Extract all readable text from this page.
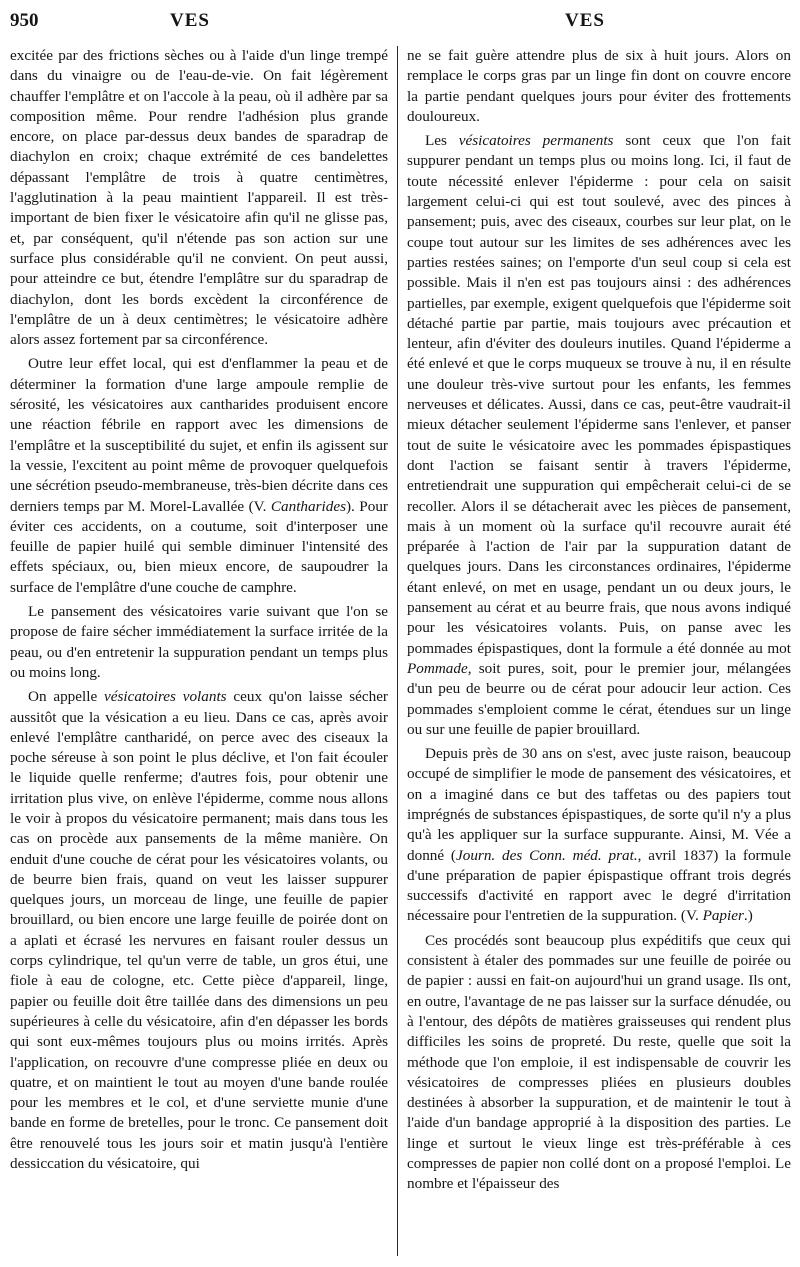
950	VES	VES

excitée par des frictions sèches ou à l'aide d'un linge trempé dans du vinaigre ou de l'eau-de-vie. On fait légèrement chauffer l'emplâtre et on l'accole à la peau, où il adhère par sa composition même. Pour rendre l'adhésion plus grande encore, on place par-dessus deux bandes de sparadrap de diachylon en croix; chaque extrémité de ces bandelettes dépassant l'emplâtre de trois à quatre centimètres, l'agglutination à la peau maintient l'appareil. Il est très-important de bien fixer le vésicatoire afin qu'il ne glisse pas, et, par conséquent, qu'il n'étende pas son action sur une surface plus considérable qu'il ne convient. On peut aussi, pour atteindre ce but, étendre l'emplâtre sur du sparadrap de diachylon, dont les bords excèdent la circonférence de l'emplâtre de un à deux centimètres; le vésicatoire adhère alors assez fortement par sa circonférence.

Outre leur effet local, qui est d'enflammer la peau et de déterminer la formation d'une large ampoule remplie de sérosité, les vésicatoires aux cantharides produisent encore une réaction fébrile en rapport avec les dimensions de l'emplâtre et la susceptibilité du sujet, et enfin ils agissent sur la vessie, l'excitent au point même de provoquer quelquefois une sécrétion pseudo-membraneuse, très-bien décrite dans ces derniers temps par M. Morel-Lavallée (V. Cantharides). Pour éviter ces accidents, on a coutume, soit d'interposer une feuille de papier huilé qui semble diminuer l'intensité des effets spéciaux, ou, bien mieux encore, de saupoudrer la surface de l'emplâtre d'une couche de camphre.

Le pansement des vésicatoires varie suivant que l'on se propose de faire sécher immédiatement la surface irritée de la peau, ou d'en entretenir la suppuration pendant un temps plus ou moins long.

On appelle vésicatoires volants ceux qu'on laisse sécher aussitôt que la vésication a eu lieu. Dans ce cas, après avoir enlevé l'emplâtre cantharidé, on perce avec des ciseaux la poche séreuse à son point le plus déclive, et l'on fait écouler le liquide quelle renferme; d'autres fois, pour obtenir une irritation plus vive, on enlève l'épiderme, comme nous allons le voir à propos du vésicatoire permanent; mais dans tous les cas on procède aux pansements de la même manière. On enduit d'une couche de cérat pour les vésicatoires volants, ou de beurre bien frais, quand on veut les laisser suppurer quelques jours, un morceau de linge, une feuille de papier brouillard, ou bien encore une large feuille de poirée dont on a aplati et écrasé les nervures en faisant rouler dessus un corps cylindrique, tel qu'un verre de table, un gros étui, une fiole à eau de cologne, etc. Cette pièce d'appareil, linge, papier ou feuille doit être taillée dans des dimensions un peu supérieures à celle du vésicatoire, afin d'en dépasser les bords qui sont eux-mêmes toujours plus ou moins irrités. Après l'application, on recouvre d'une compresse pliée en deux ou quatre, et on maintient le tout au moyen d'une bande roulée pour les membres et le col, et d'une serviette munie d'une bande en forme de bretelles, pour le tronc. Ce pansement doit être renouvelé tous les jours soir et matin jusqu'à l'entière dessiccation du vésicatoire, qui

ne se fait guère attendre plus de six à huit jours. Alors on remplace le corps gras par un linge fin dont on couvre encore la partie pendant quelques jours pour éviter des frottements douloureux.

Les vésicatoires permanents sont ceux que l'on fait suppurer pendant un temps plus ou moins long. Ici, il faut de toute nécessité enlever l'épiderme : pour cela on saisit largement celui-ci qui est tout soulevé, avec des pinces à pansement; puis, avec des ciseaux, courbes sur leur plat, on le coupe tout autour sur les limites de ses adhérences avec les parties restées saines; on l'emporte d'un seul coup si cela est possible. Mais il n'en est pas toujours ainsi : des adhérences partielles, par exemple, exigent quelquefois que l'épiderme soit détaché partie par partie, mais toujours avec précaution et lenteur, afin d'éviter des douleurs inutiles. Quand l'épiderme a été enlevé et que le corps muqueux se trouve à nu, il en résulte une douleur très-vive surtout pour les enfants, les femmes nerveuses et délicates. Aussi, dans ce cas, peut-être vaudrait-il mieux détacher seulement l'épiderme sans l'enlever, et panser tout de suite le vésicatoire avec les pommades épispastiques dont l'action se faisant sentir à travers l'épiderme, entretiendrait une suppuration qui empêcherait celui-ci de se recoller. Alors il se détacherait avec les pièces de pansement, mais à un moment où la surface qu'il recouvre aurait été préparée à l'action de l'air par la suppuration datant de quelques jours. Dans les circonstances ordinaires, l'épiderme étant enlevé, on met en usage, pendant un ou deux jours, le pansement au cérat et au beurre frais, que nous avons indiqué pour les vésicatoires volants. Puis, on panse avec les pommades épispastiques, dont la formule a été donnée au mot Pommade, soit pures, soit, pour le premier jour, mélangées d'un peu de beurre ou de cérat pour adoucir leur action. Ces pommades s'emploient comme le cérat, étendues sur un linge ou sur une feuille de papier brouillard.

Depuis près de 30 ans on s'est, avec juste raison, beaucoup occupé de simplifier le mode de pansement des vésicatoires, et on a imaginé dans ce but des taffetas ou des papiers tout imprégnés de substances épispastiques, de sorte qu'il n'y a plus qu'à les appliquer sur la surface suppurante. Ainsi, M. Vée a donné (Journ. des Conn. méd. prat., avril 1837) la formule d'une préparation de papier épispastique offrant trois degrés successifs d'activité en rapport avec le degré d'irritation nécessaire pour l'entretien de la suppuration. (V. Papier.)

Ces procédés sont beaucoup plus expéditifs que ceux qui consistent à étaler des pommades sur une feuille de poirée ou de papier : aussi en fait-on aujourd'hui un grand usage. Ils ont, en outre, l'avantage de ne pas laisser sur la surface dénudée, ou à l'entour, des dépôts de matières graisseuses qui rendent plus difficiles les soins de propreté. Du reste, quelle que soit la méthode que l'on emploie, il est indispensable de couvrir les vésicatoires de compresses pliées en plusieurs doubles destinées à absorber la suppuration, et de maintenir le tout à l'aide d'un bandage approprié à la disposition des parties. Le linge et surtout le vieux linge est très-préférable à ces compresses de papier non collé dont on a proposé l'emploi. Le nombre et l'épaisseur des
